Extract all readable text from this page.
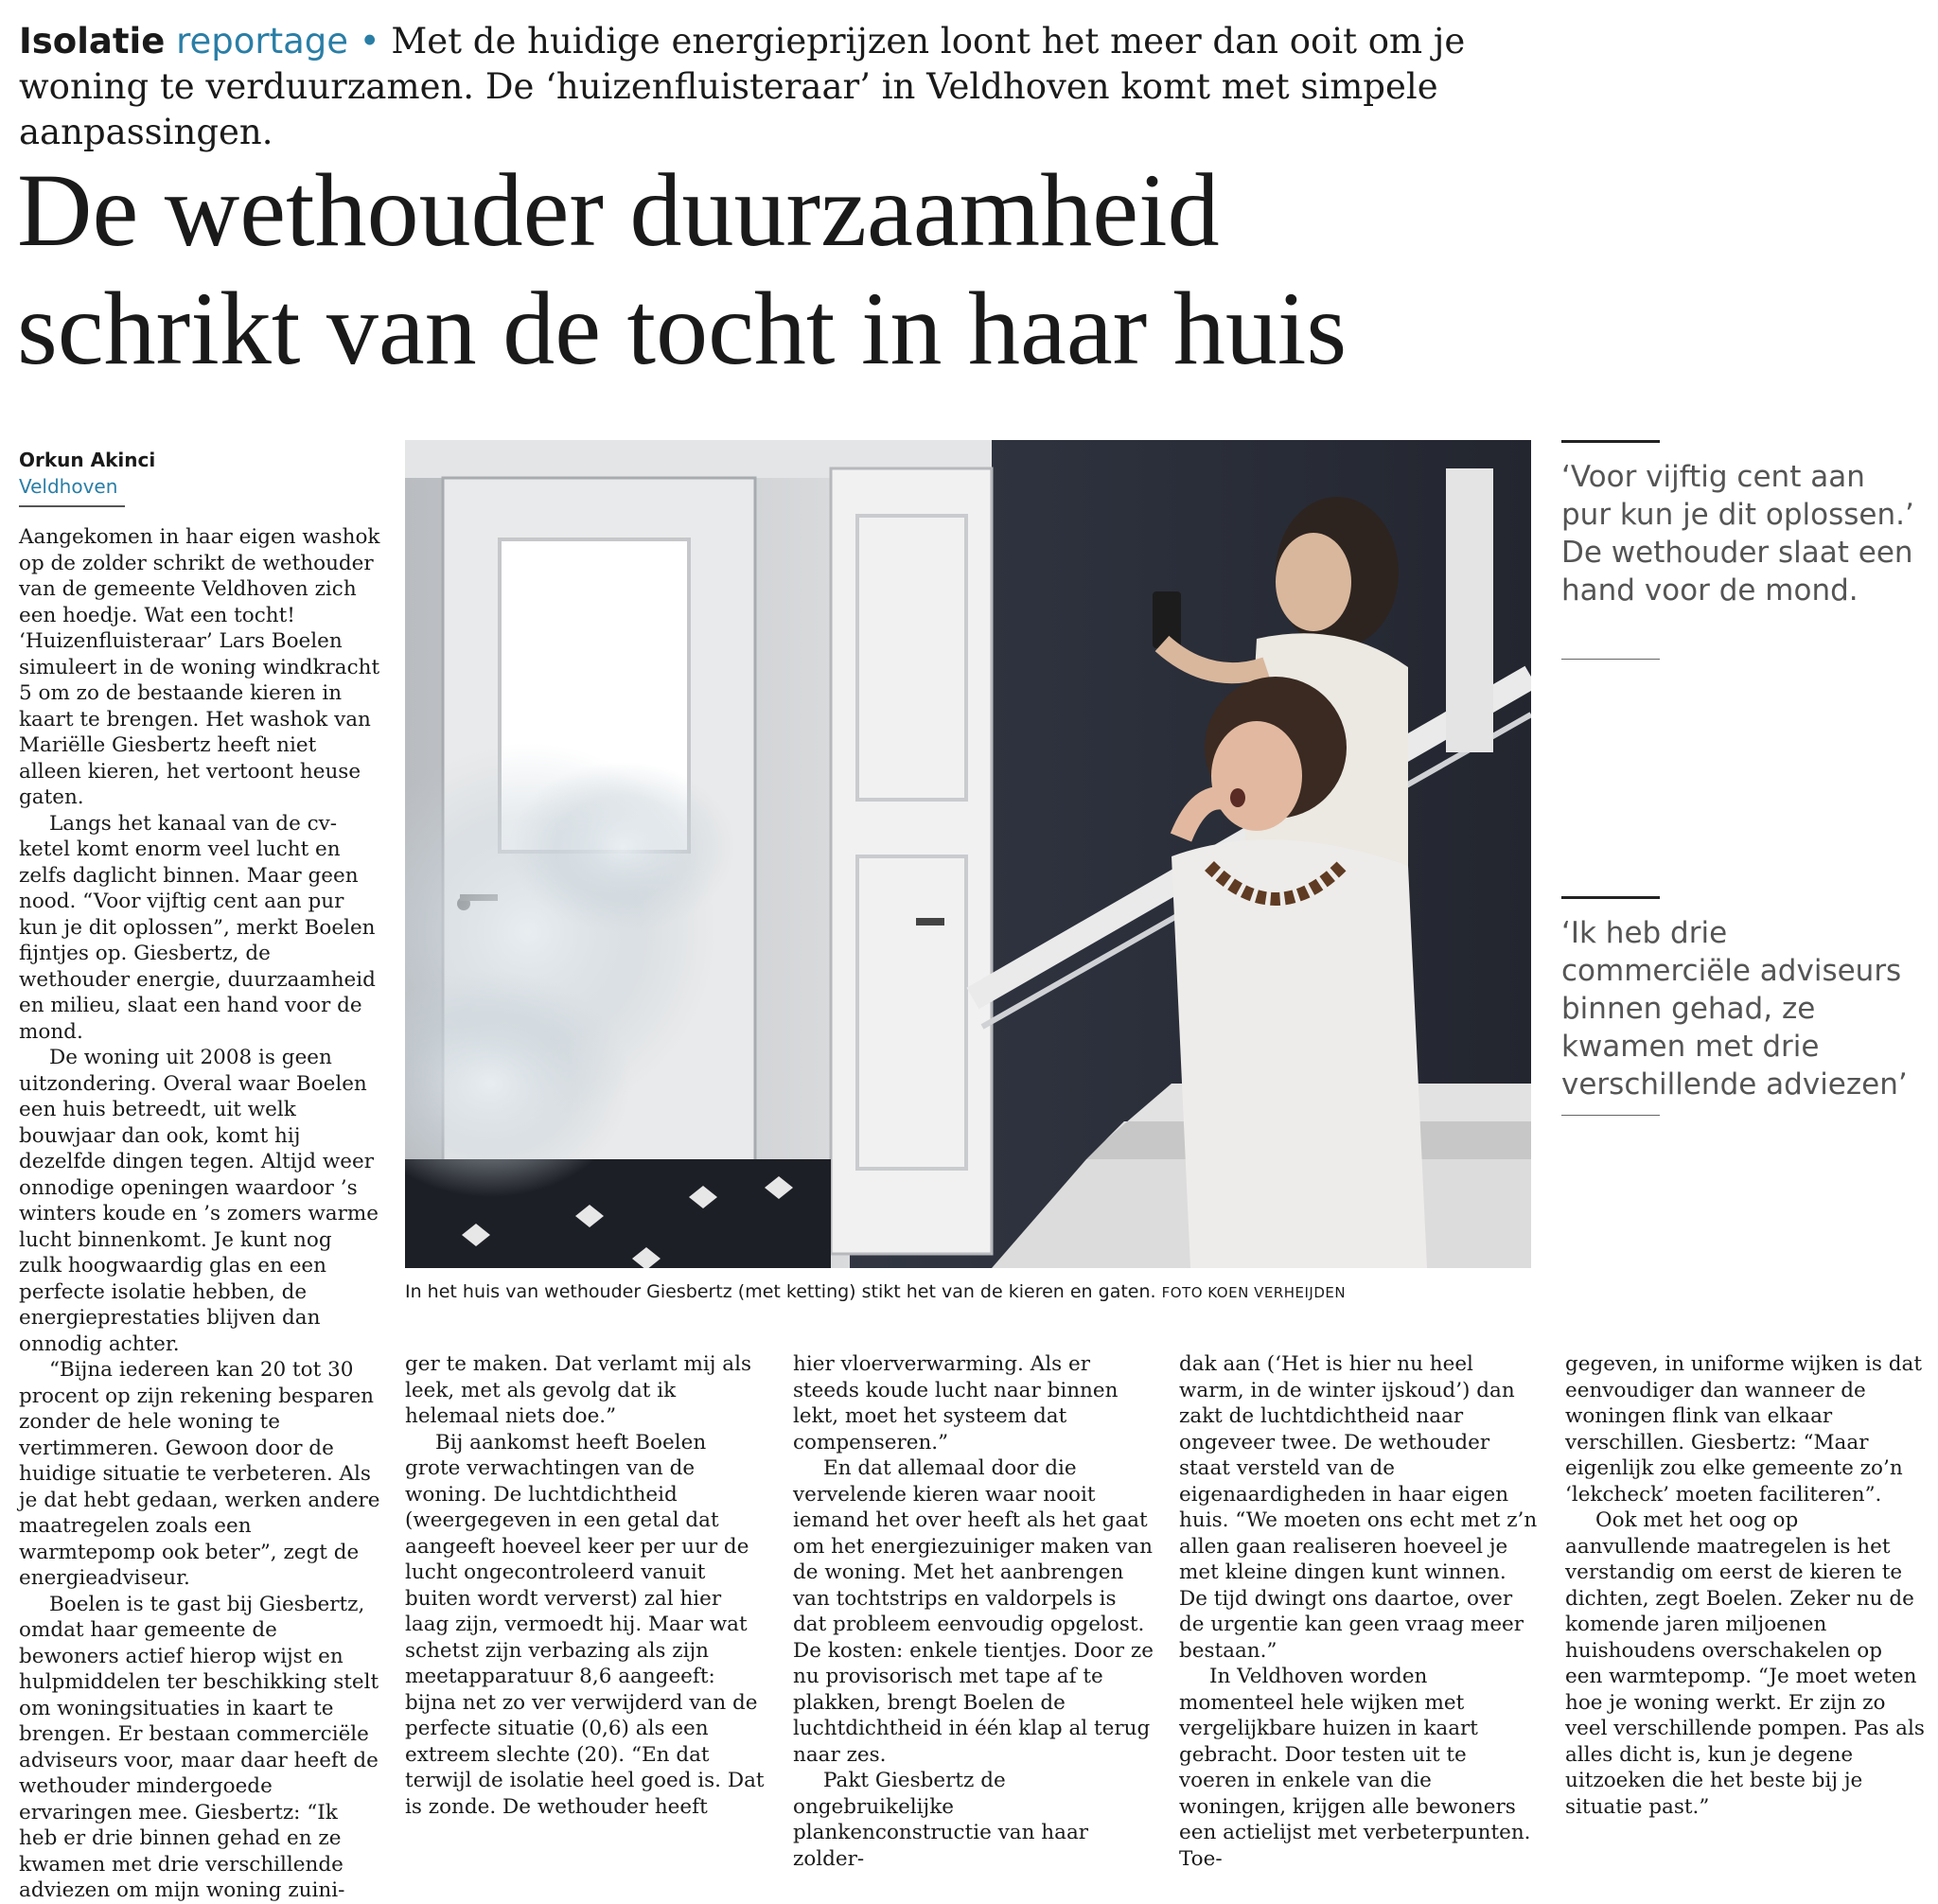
Isolatie reportage • Met de huidige energieprijzen loont het meer dan ooit om je woning te verduurzamen. De ‘huizenfluisteraar’ in Veldhoven komt met simpele aanpassingen.
De wethouder duurzaamheid
schrikt van de tocht in haar huis
Orkun Akinci
Veldhoven

Aangekomen in haar eigen washok op de zolder schrikt de wethouder van de gemeente Veldhoven zich een hoedje. Wat een tocht! ‘Huizenfluisteraar’ Lars Boelen simuleert in de woning windkracht 5 om zo de bestaande kieren in kaart te brengen. Het washok van Mariëlle Giesbertz heeft niet alleen kieren, het vertoont heuse gaten.

Langs het kanaal van de cv-ketel komt enorm veel lucht en zelfs daglicht binnen. Maar geen nood. “Voor vijftig cent aan pur kun je dit oplossen”, merkt Boelen fijntjes op. Giesbertz, de wethouder energie, duurzaamheid en milieu, slaat een hand voor de mond.

De woning uit 2008 is geen uitzondering. Overal waar Boelen een huis betreedt, uit welk bouwjaar dan ook, komt hij dezelfde dingen tegen. Altijd weer onnodige openingen waardoor ’s winters koude en ’s zomers warme lucht binnenkomt. Je kunt nog zulk hoogwaardig glas en een perfecte isolatie hebben, de energieprestaties blijven dan onnodig achter.

“Bijna iedereen kan 20 tot 30 procent op zijn rekening besparen zonder de hele woning te vertimmeren. Gewoon door de huidige situatie te verbeteren. Als je dat hebt gedaan, werken andere maatregelen zoals een warmtepomp ook beter”, zegt de energieadviseur.

Boelen is te gast bij Giesbertz, omdat haar gemeente de bewoners actief hierop wijst en hulpmiddelen ter beschikking stelt om woningsituaties in kaart te brengen. Er bestaan commerciële adviseurs voor, maar daar heeft de wethouder mindergoede ervaringen mee. Giesbertz: “Ik heb er drie binnen gehad en ze kwamen met drie verschillende adviezen om mijn woning zuini-

In het huis van wethouder Giesbertz (met ketting) stikt het van de kieren en gaten. FOTO KOEN VERHEIJDEN
‘Voor vijftig cent aan pur kun je dit oplossen.’ De wethouder slaat een hand voor de mond.
‘Ik heb drie commerciële adviseurs binnen gehad, ze kwamen met drie verschillende adviezen’

ger te maken. Dat verlamt mij als leek, met als gevolg dat ik helemaal niets doe.”

Bij aankomst heeft Boelen grote verwachtingen van de woning. De luchtdichtheid (weergegeven in een getal dat aangeeft hoeveel keer per uur de lucht ongecontroleerd vanuit buiten wordt ververst) zal hier laag zijn, vermoedt hij. Maar wat schetst zijn verbazing als zijn meetapparatuur 8,6 aangeeft: bijna net zo ver verwijderd van de perfecte situatie (0,6) als een extreem slechte (20). “En dat terwijl de isolatie heel goed is. Dat is zonde. De wethouder heeft

hier vloerverwarming. Als er steeds koude lucht naar binnen lekt, moet het systeem dat compenseren.”

En dat allemaal door die vervelende kieren waar nooit iemand het over heeft als het gaat om het energiezuiniger maken van de woning. Met het aanbrengen van tochtstrips en valdorpels is dat probleem eenvoudig opgelost. De kosten: enkele tientjes. Door ze nu provisorisch met tape af te plakken, brengt Boelen de luchtdichtheid in één klap al terug naar zes.

Pakt Giesbertz de ongebruikelijke plankenconstructie van haar zolder-

dak aan (‘Het is hier nu heel warm, in de winter ijskoud’) dan zakt de luchtdichtheid naar ongeveer twee. De wethouder staat versteld van de eigenaardigheden in haar eigen huis. “We moeten ons echt met z’n allen gaan realiseren hoeveel je met kleine dingen kunt winnen. De tijd dwingt ons daartoe, over de urgentie kan geen vraag meer bestaan.”

In Veldhoven worden momenteel hele wijken met vergelijkbare huizen in kaart gebracht. Door testen uit te voeren in enkele van die woningen, krijgen alle bewoners een actielijst met verbeterpunten. Toe-

gegeven, in uniforme wijken is dat eenvoudiger dan wanneer de woningen flink van elkaar verschillen. Giesbertz: “Maar eigenlijk zou elke gemeente zo’n ‘lekcheck’ moeten faciliteren”.

Ook met het oog op aanvullende maatregelen is het verstandig om eerst de kieren te dichten, zegt Boelen. Zeker nu de komende jaren miljoenen huishoudens overschakelen op een warmtepomp. “Je moet weten hoe je woning werkt. Er zijn zo veel verschillende pompen. Pas als alles dicht is, kun je degene uitzoeken die het beste bij je situatie past.”
